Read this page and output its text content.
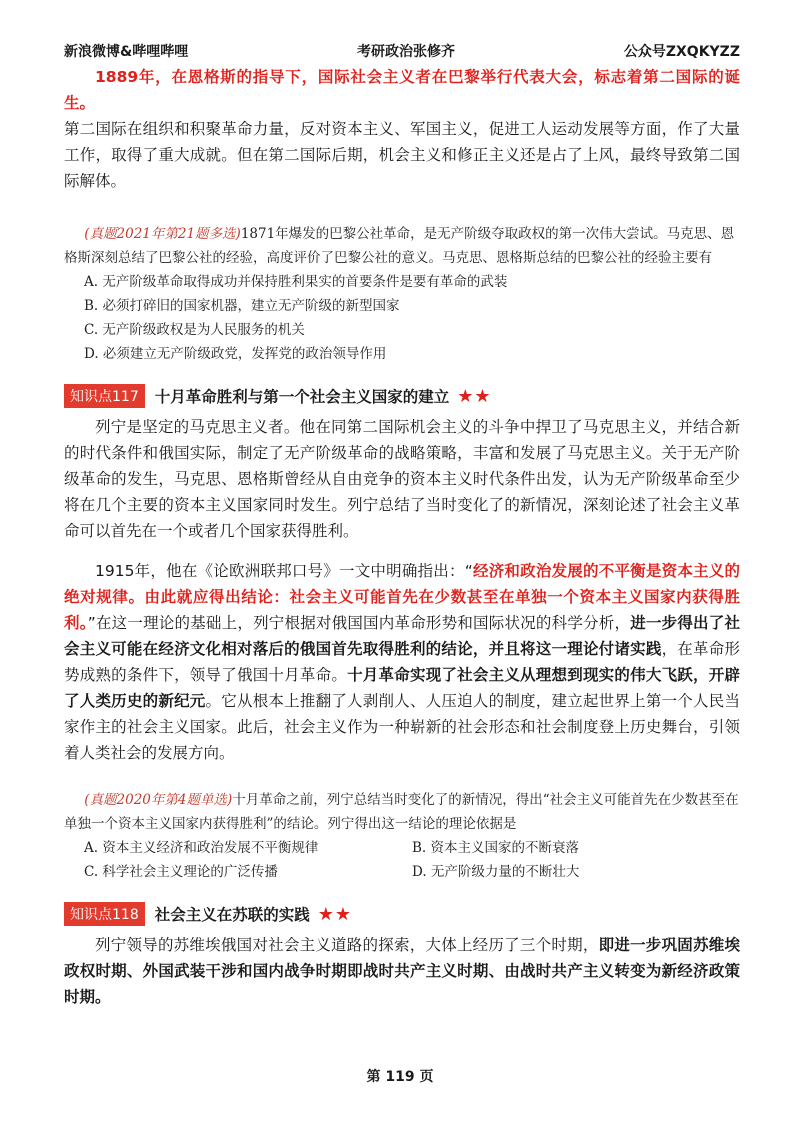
新浪微博&哔哩哔哩	考研政治张修齐	公众号ZXQKYZZ

1889年，在恩格斯的指导下，国际社会主义者在巴黎举行代表大会，标志着第二国际的诞生。

第二国际在组织和积聚革命力量，反对资本主义、军国主义，促进工人运动发展等方面，作了大量工作，取得了重大成就。但在第二国际后期，机会主义和修正主义还是占了上风，最终导致第二国际解体。

(真题2021年第21题多选)1871年爆发的巴黎公社革命，是无产阶级夺取政权的第一次伟大尝试。马克思、恩格斯深刻总结了巴黎公社的经验，高度评价了巴黎公社的意义。马克思、恩格斯总结的巴黎公社的经验主要有

A. 无产阶级革命取得成功并保持胜利果实的首要条件是要有革命的武装
B. 必须打碎旧的国家机器，建立无产阶级的新型国家
C. 无产阶级政权是为人民服务的机关
D. 必须建立无产阶级政党，发挥党的政治领导作用
知识点117	十月革命胜利与第一个社会主义国家的建立 ★★

列宁是坚定的马克思主义者。他在同第二国际机会主义的斗争中捍卫了马克思主义，并结合新的时代条件和俄国实际，制定了无产阶级革命的战略策略，丰富和发展了马克思主义。关于无产阶级革命的发生，马克思、恩格斯曾经从自由竞争的资本主义时代条件出发，认为无产阶级革命至少将在几个主要的资本主义国家同时发生。列宁总结了当时变化了的新情况，深刻论述了社会主义革命可以首先在一个或者几个国家获得胜利。

1915年，他在《论欧洲联邦口号》一文中明确指出：“经济和政治发展的不平衡是资本主义的绝对规律。由此就应得出结论：社会主义可能首先在少数甚至在单独一个资本主义国家内获得胜利。”在这一理论的基础上，列宁根据对俄国国内革命形势和国际状况的科学分析，进一步得出了社会主义可能在经济文化相对落后的俄国首先取得胜利的结论，并且将这一理论付诸实践，在革命形势成熟的条件下，领导了俄国十月革命。十月革命实现了社会主义从理想到现实的伟大飞跃，开辟了人类历史的新纪元。它从根本上推翻了人剥削人、人压迫人的制度，建立起世界上第一个人民当家作主的社会主义国家。此后，社会主义作为一种崭新的社会形态和社会制度登上历史舞台，引领着人类社会的发展方向。

(真题2020年第4题单选)十月革命之前，列宁总结当时变化了的新情况，得出“社会主义可能首先在少数甚至在单独一个资本主义国家内获得胜利”的结论。列宁得出这一结论的理论依据是

A. 资本主义经济和政治发展不平衡规律	B. 资本主义国家的不断衰落
C. 科学社会主义理论的广泛传播	D. 无产阶级力量的不断壮大
知识点118	社会主义在苏联的实践 ★★

列宁领导的苏维埃俄国对社会主义道路的探索，大体上经历了三个时期，即进一步巩固苏维埃政权时期、外国武装干涉和国内战争时期即战时共产主义时期、由战时共产主义转变为新经济政策时期。

第 119 页
